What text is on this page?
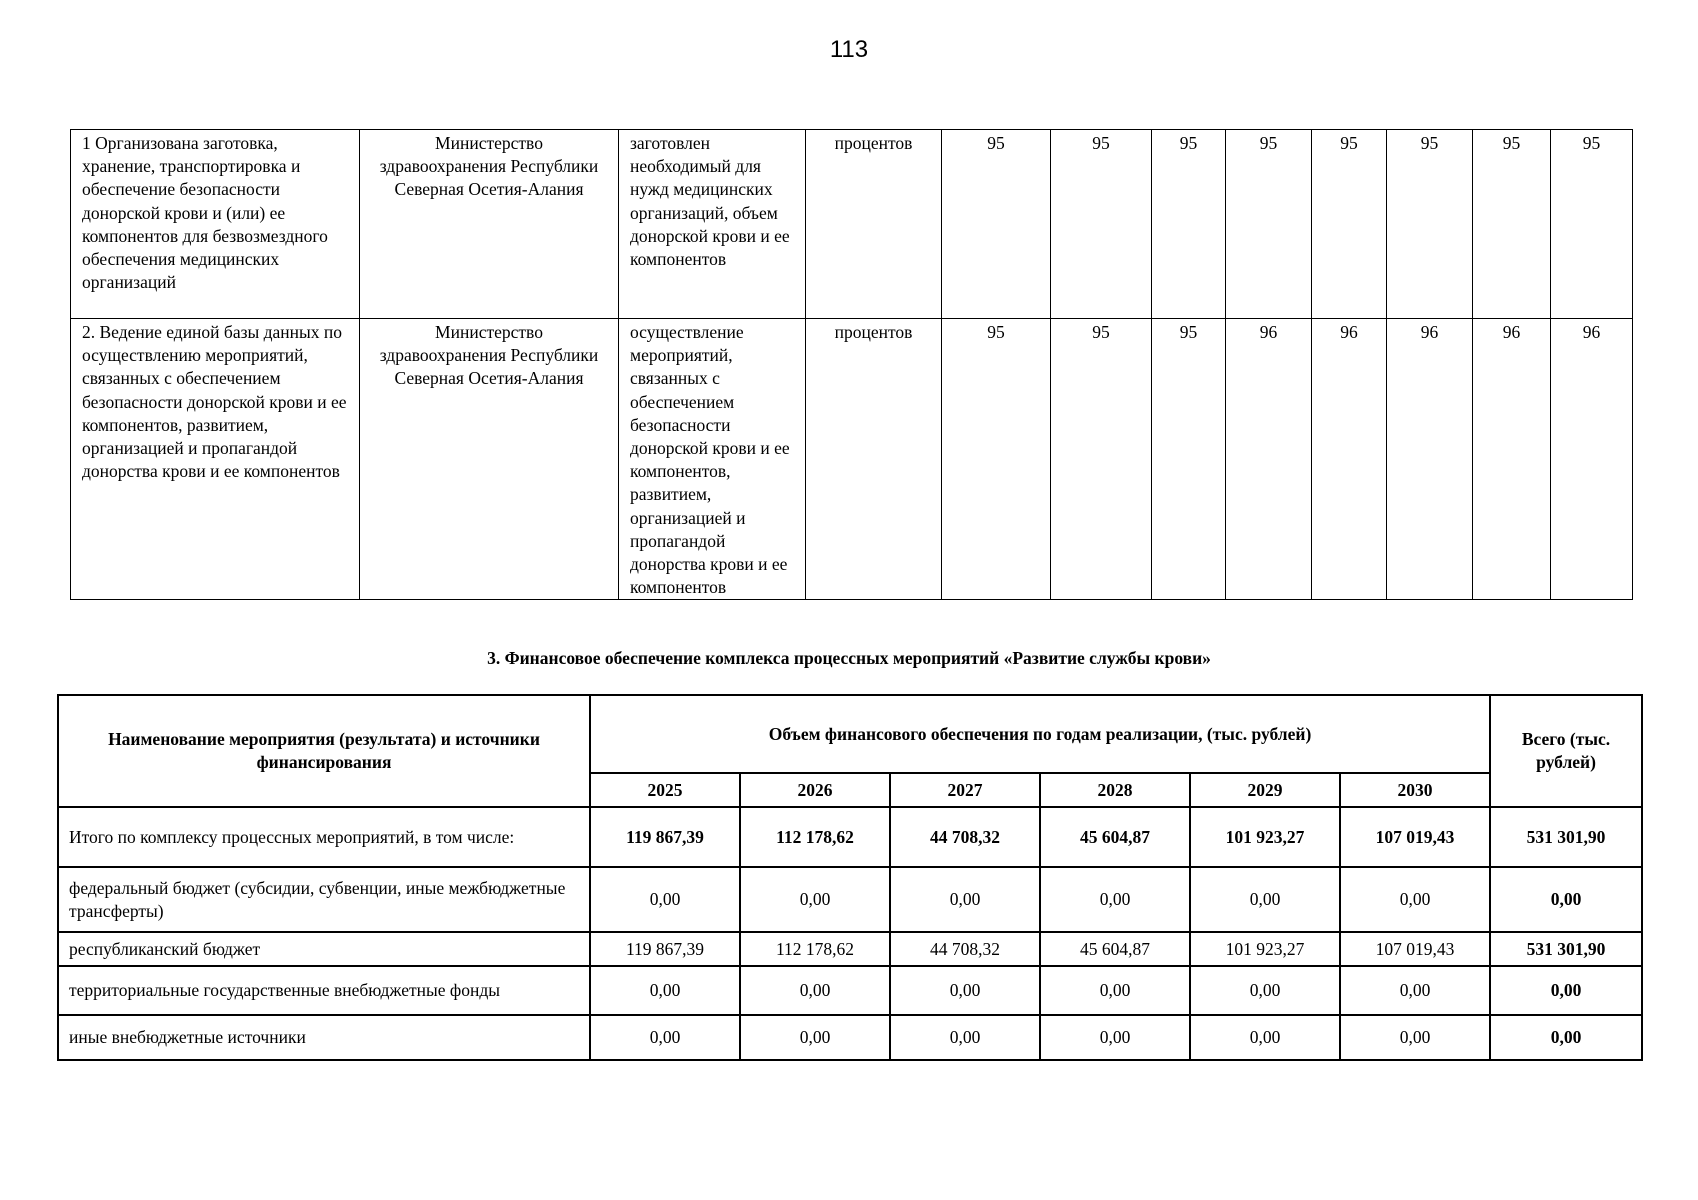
113
1 Организована заготовка, хранение, транспортировка и обеспечение безопасности донорской крови и (или) ее компонентов для безвозмездного обеспечения медицинских организаций	Министерство здравоохранения Республики Северная Осетия-Алания	заготовлен необходимый для нужд медицинских организаций, объем донорской крови и ее компонентов	процентов	95	95	95	95	95	95	95	95
2. Ведение единой базы данных по осуществлению мероприятий, связанных с обеспечением безопасности донорской крови и ее компонентов, развитием, организацией и пропагандой донорства крови и ее компонентов	Министерство здравоохранения Республики Северная Осетия-Алания	осуществление мероприятий, связанных с обеспечением безопасности донорской крови и ее компонентов, развитием, организацией и пропагандой донорства крови и ее компонентов	процентов	95	95	95	96	96	96	96	96
3. Финансовое обеспечение комплекса процессных мероприятий «Развитие службы крови»
Наименование мероприятия (результата) и источники финансирования	Объем финансового обеспечения по годам реализации, (тыс. рублей)						Всего (тыс. рублей)
	2025	2026	2027	2028	2029	2030	
Итого по комплексу процессных мероприятий, в том числе:	119 867,39	112 178,62	44 708,32	45 604,87	101 923,27	107 019,43	531 301,90
федеральный бюджет (субсидии, субвенции, иные межбюджетные трансферты)	0,00	0,00	0,00	0,00	0,00	0,00	0,00
республиканский бюджет	119 867,39	112 178,62	44 708,32	45 604,87	101 923,27	107 019,43	531 301,90
территориальные государственные внебюджетные фонды	0,00	0,00	0,00	0,00	0,00	0,00	0,00
иные внебюджетные источники	0,00	0,00	0,00	0,00	0,00	0,00	0,00
